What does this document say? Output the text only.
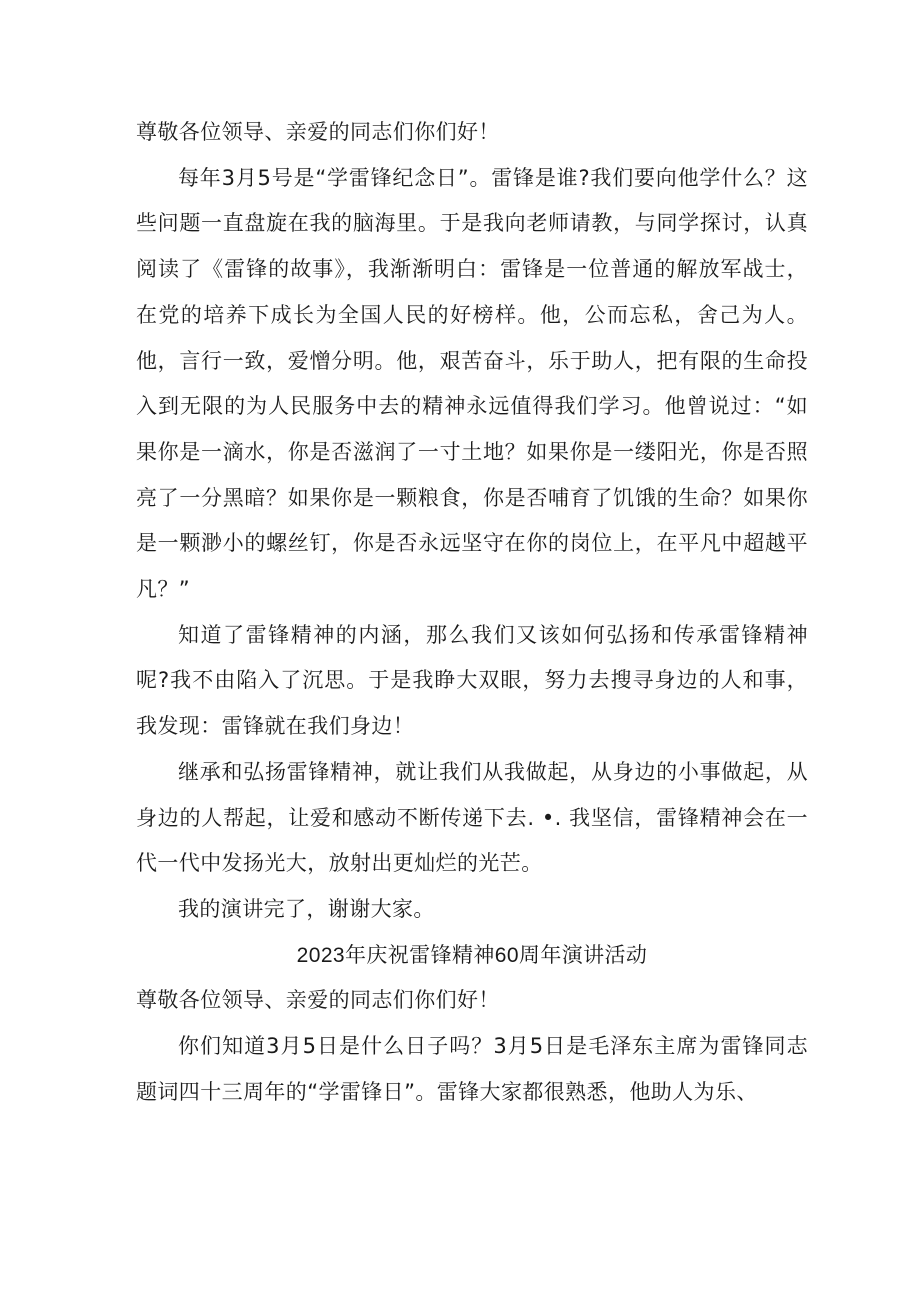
尊敬各位领导、亲爱的同志们你们好！

每年3月5号是“学雷锋纪念日”。雷锋是谁?我们要向他学什么？这些问题一直盘旋在我的脑海里。于是我向老师请教，与同学探讨，认真阅读了《雷锋的故事》，我渐渐明白：雷锋是一位普通的解放军战士，在党的培养下成长为全国人民的好榜样。他，公而忘私，舍己为人。他，言行一致，爱憎分明。他，艰苦奋斗，乐于助人，把有限的生命投入到无限的为人民服务中去的精神永远值得我们学习。他曾说过：“如果你是一滴水，你是否滋润了一寸土地？如果你是一缕阳光，你是否照亮了一分黑暗？如果你是一颗粮食，你是否哺育了饥饿的生命？如果你是一颗渺小的螺丝钉，你是否永远坚守在你的岗位上，在平凡中超越平凡？”

知道了雷锋精神的内涵，那么我们又该如何弘扬和传承雷锋精神呢?我不由陷入了沉思。于是我睁大双眼，努力去搜寻身边的人和事，我发现：雷锋就在我们身边！

继承和弘扬雷锋精神，就让我们从我做起，从身边的小事做起，从身边的人帮起，让爱和感动不断传递下去. •. 我坚信，雷锋精神会在一代一代中发扬光大，放射出更灿烂的光芒。

我的演讲完了，谢谢大家。

2023年庆祝雷锋精神60周年演讲活动

尊敬各位领导、亲爱的同志们你们好！

你们知道3月5日是什么日子吗？3月5日是毛泽东主席为雷锋同志题词四十三周年的“学雷锋日”。雷锋大家都很熟悉，他助人为乐、
